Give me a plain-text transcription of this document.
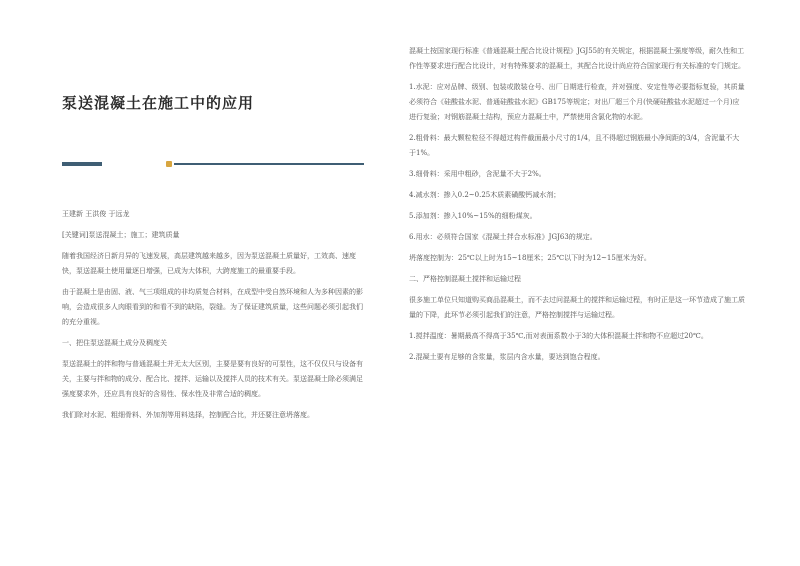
泵送混凝土在施工中的应用

王建新 王洪俊 于远龙

[关键词]泵送混凝土；施工；建筑质量

随着我国经济日新月异的飞速发展，高层建筑越来越多，因为泵送混凝土质量好，工效高、速度快，泵送混凝土使用量逐日增强，已成为大体积，大跨度施工的最重要手段。

由于混凝土是由固、液、气三项组成的非均质复合材料，在成型中受自然环境和人为多种因素的影响，会造成很多人肉眼看到的和看不到的缺陷，裂缝。为了保证建筑质量，这些问题必须引起我们的充分重视。

一、把住泵送混凝土成分及稠度关

泵送混凝土的拌和物与普通混凝土并无太大区别，主要是要有良好的可泵性，这不仅仅只与设备有关，主要与拌和物的成分、配合比、搅拌、运输以及搅拌人员的技术有关。泵送混凝土除必须满足强度要求外，还应具有良好的含易性、保水性及非常合适的稠度。

我们除对水泥、粗细骨料、外加剂等用料选择，控制配合比，并还要注意坍落度。

混凝土按国家现行标准《普通混凝土配合比设计规程》JGJ55的有关规定，根据混凝土强度等级，耐久性和工作性等要求进行配合比设计，对有特殊要求的混凝土，其配合比设计尚应符合国家现行有关标准的专门规定。

1.水泥：应对品牌、级别、包装或散装仓号、出厂日期进行检查，并对强度、安定性等必要指标复验，其质量必须符合《硅酸盐水泥、普通硅酸盐水泥》GB175等规定；对出厂超三个月(快硬硅酸盐水泥超过一个月)应进行复验；对钢筋混凝土结构，预应力混凝土中，严禁使用含氯化物的水泥。

2.粗骨料：最大颗粒粒径不得超过构件截面最小尺寸的1/4，且不得超过钢筋最小净间距的3/4，含泥量不大于1%。

3.细骨料：采用中粗砂，含泥量不大于2%。

4.减水剂：掺入0.2~0.25木质素磺酸钙减水剂；

5.添加剂：掺入10%~15%的细粉煤灰。

6.用水：必须符合国家《混凝土拌合水标准》JGJ63的规定。

坍落度控制为：25℃以上时为15~18厘米；25℃以下时为12~15厘米为好。

二、严格控制混凝土搅拌和运输过程

很多施工单位只知道购买商品混凝土，而不去过问混凝土的搅拌和运输过程，有时正是这一环节造成了施工质量的下降，此环节必须引起我们的注意，严格控制搅拌与运输过程。

1.搅拌温度：暑期最高不得高于35℃,而对表面系数小于3的大体积混凝土拌和物不应超过20℃。

2.混凝土要有足够的含浆量，浆层内含水量，要达到饱合程度。
